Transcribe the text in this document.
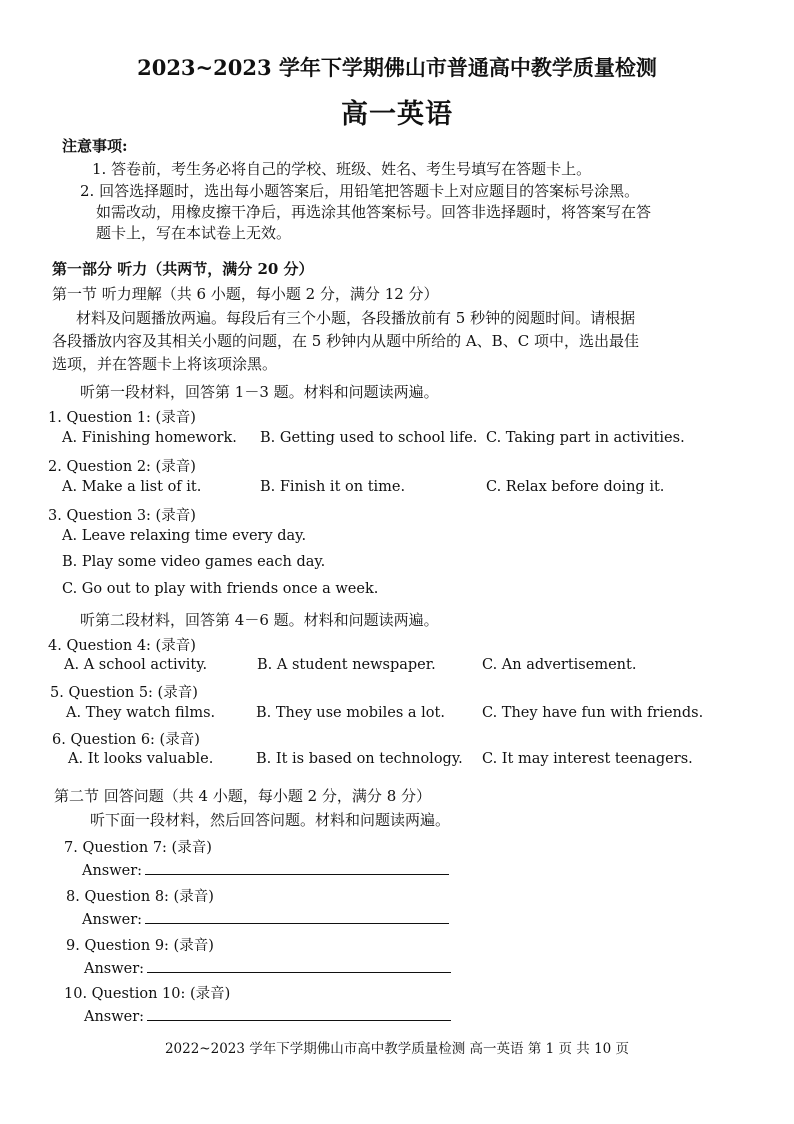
2023~2023 学年下学期佛山市普通高中教学质量检测
高一英语
注意事项:
1. 答卷前，考生务必将自己的学校、班级、姓名、考生号填写在答题卡上。
2. 回答选择题时，选出每小题答案后，用铅笔把答题卡上对应题目的答案标号涂黑。
如需改动，用橡皮擦干净后，再选涂其他答案标号。回答非选择题时，将答案写在答
题卡上，写在本试卷上无效。
第一部分 听力（共两节，满分 20 分）
第一节 听力理解（共 6 小题，每小题 2 分，满分 12 分）
材料及问题播放两遍。每段后有三个小题，各段播放前有 5 秒钟的阅题时间。请根据
各段播放内容及其相关小题的问题，在 5 秒钟内从题中所给的 A、B、C 项中，选出最佳
选项，并在答题卡上将该项涂黑。
听第一段材料，回答第 1－3 题。材料和问题读两遍。
1. Question 1: (录音)
A. Finishing homework. B. Getting used to school life. C. Taking part in activities.
2. Question 2: (录音)
A. Make a list of it.	B. Finish it on time.	C. Relax before doing it.
3. Question 3: (录音)
A. Leave relaxing time every day.
B. Play some video games each day.
C. Go out to play with friends once a week.
听第二段材料，回答第 4－6 题。材料和问题读两遍。
4. Question 4: (录音)
A. A school activity.	B. A student newspaper.	C. An advertisement.
5. Question 5: (录音)
A. They watch films.	B. They use mobiles a lot.	C. They have fun with friends.
6. Question 6: (录音)
A. It looks valuable.	B. It is based on technology. C. It may interest teenagers.
第二节 回答问题（共 4 小题，每小题 2 分，满分 8 分）
听下面一段材料，然后回答问题。材料和问题读两遍。
7. Question 7: (录音)
Answer:
8. Question 8: (录音)
Answer:
9. Question 9: (录音)
Answer:
10. Question 10: (录音)
Answer:
2022~2023 学年下学期佛山市高中教学质量检测 高一英语 第 1 页 共 10 页
